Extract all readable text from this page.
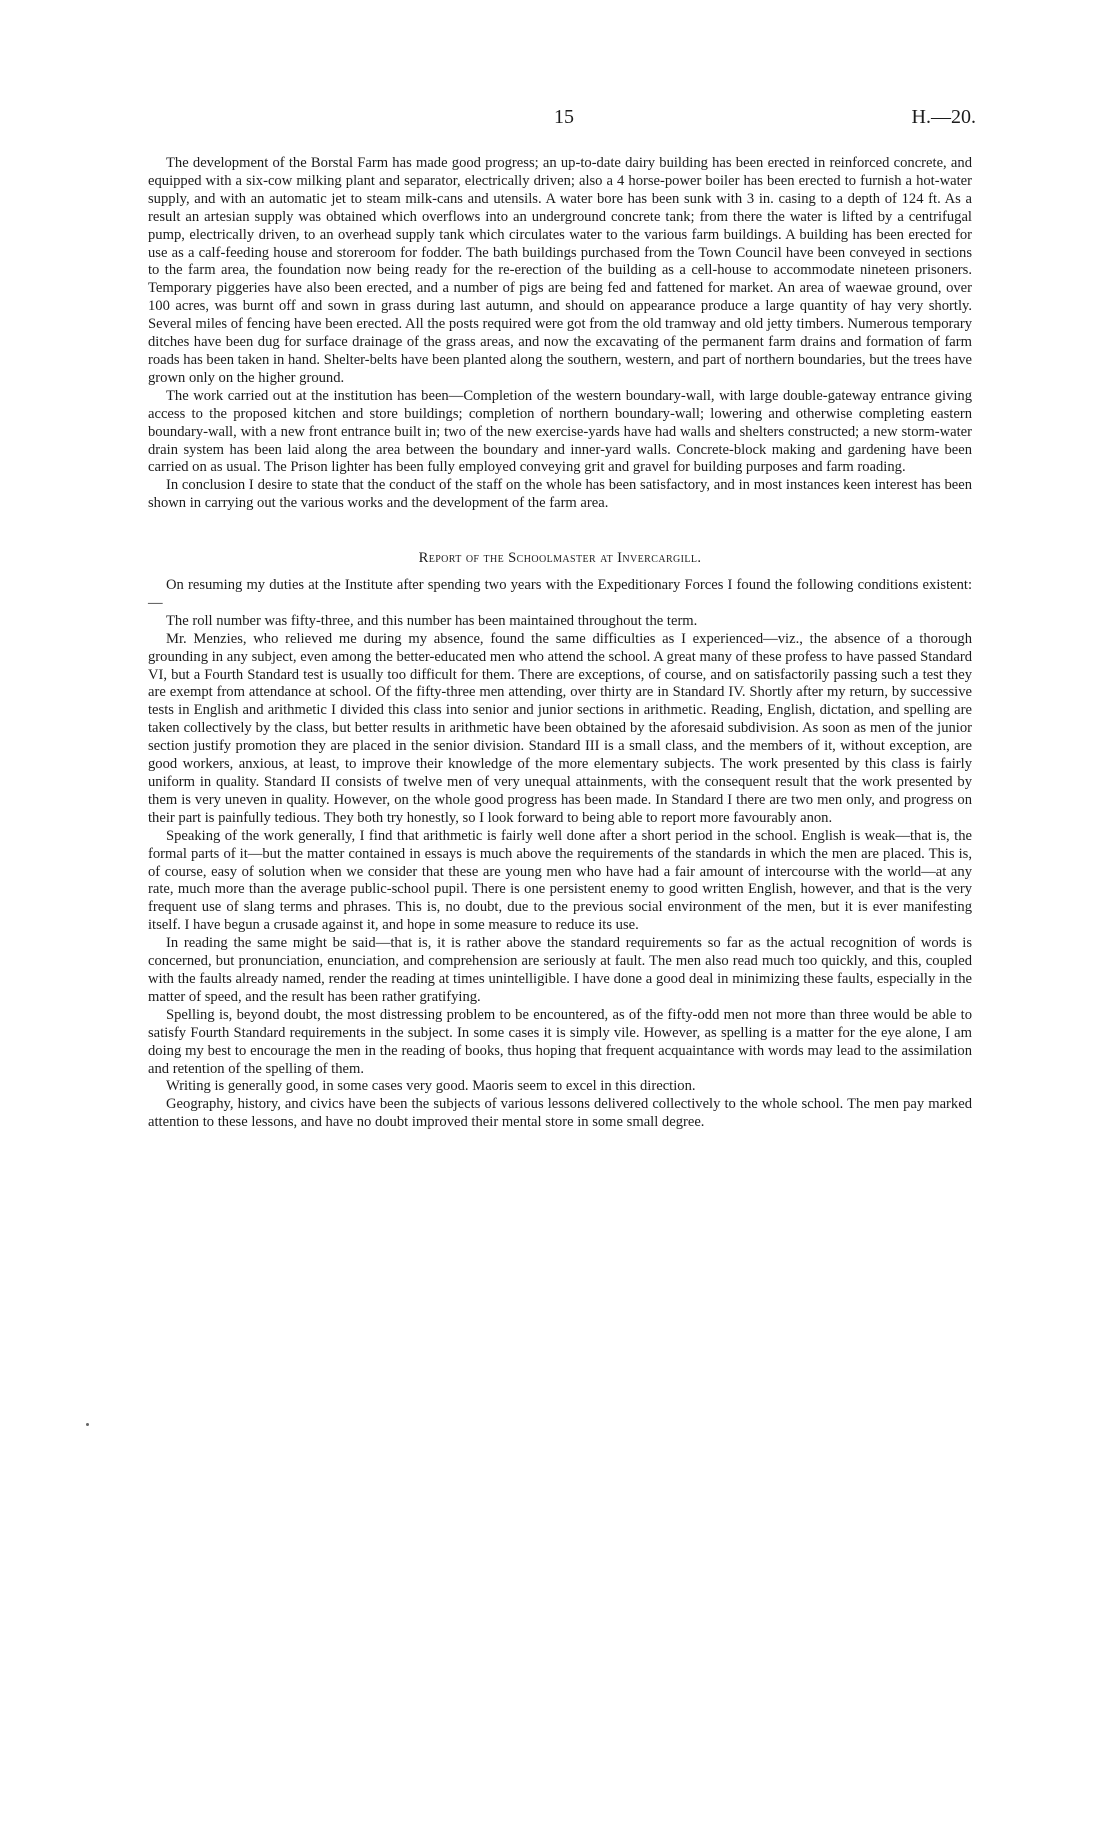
15	H.—20.

The development of the Borstal Farm has made good progress; an up-to-date dairy building has been erected in reinforced concrete, and equipped with a six-cow milking plant and separator, electrically driven; also a 4 horse-power boiler has been erected to furnish a hot-water supply, and with an automatic jet to steam milk-cans and utensils. A water bore has been sunk with 3 in. casing to a depth of 124 ft. As a result an artesian supply was obtained which overflows into an underground concrete tank; from there the water is lifted by a centrifugal pump, electrically driven, to an overhead supply tank which circulates water to the various farm buildings. A building has been erected for use as a calf-feeding house and storeroom for fodder. The bath buildings purchased from the Town Council have been conveyed in sections to the farm area, the foundation now being ready for the re-erection of the building as a cell-house to accommodate nineteen prisoners. Temporary piggeries have also been erected, and a number of pigs are being fed and fattened for market. An area of waewae ground, over 100 acres, was burnt off and sown in grass during last autumn, and should on appearance produce a large quantity of hay very shortly. Several miles of fencing have been erected. All the posts required were got from the old tramway and old jetty timbers. Numerous temporary ditches have been dug for surface drainage of the grass areas, and now the excavating of the permanent farm drains and formation of farm roads has been taken in hand. Shelter-belts have been planted along the southern, western, and part of northern boundaries, but the trees have grown only on the higher ground.

The work carried out at the institution has been—Completion of the western boundary-wall, with large double-gateway entrance giving access to the proposed kitchen and store buildings; completion of northern boundary-wall; lowering and otherwise completing eastern boundary-wall, with a new front entrance built in; two of the new exercise-yards have had walls and shelters constructed; a new storm-water drain system has been laid along the area between the boundary and inner-yard walls. Concrete-block making and gardening have been carried on as usual. The Prison lighter has been fully employed conveying grit and gravel for building purposes and farm roading.

In conclusion I desire to state that the conduct of the staff on the whole has been satisfactory, and in most instances keen interest has been shown in carrying out the various works and the development of the farm area.

Report of the Schoolmaster at Invercargill.

On resuming my duties at the Institute after spending two years with the Expeditionary Forces I found the following conditions existent:—

The roll number was fifty-three, and this number has been maintained throughout the term.

Mr. Menzies, who relieved me during my absence, found the same difficulties as I experienced—viz., the absence of a thorough grounding in any subject, even among the better-educated men who attend the school. A great many of these profess to have passed Standard VI, but a Fourth Standard test is usually too difficult for them. There are exceptions, of course, and on satisfactorily passing such a test they are exempt from attendance at school. Of the fifty-three men attending, over thirty are in Standard IV. Shortly after my return, by successive tests in English and arithmetic I divided this class into senior and junior sections in arithmetic. Reading, English, dictation, and spelling are taken collectively by the class, but better results in arithmetic have been obtained by the aforesaid subdivision. As soon as men of the junior section justify promotion they are placed in the senior division. Standard III is a small class, and the members of it, without exception, are good workers, anxious, at least, to improve their knowledge of the more elementary subjects. The work presented by this class is fairly uniform in quality. Standard II consists of twelve men of very unequal attainments, with the consequent result that the work presented by them is very uneven in quality. However, on the whole good progress has been made. In Standard I there are two men only, and progress on their part is painfully tedious. They both try honestly, so I look forward to being able to report more favourably anon.

Speaking of the work generally, I find that arithmetic is fairly well done after a short period in the school. English is weak—that is, the formal parts of it—but the matter contained in essays is much above the requirements of the standards in which the men are placed. This is, of course, easy of solution when we consider that these are young men who have had a fair amount of intercourse with the world—at any rate, much more than the average public-school pupil. There is one persistent enemy to good written English, however, and that is the very frequent use of slang terms and phrases. This is, no doubt, due to the previous social environment of the men, but it is ever manifesting itself. I have begun a crusade against it, and hope in some measure to reduce its use.

In reading the same might be said—that is, it is rather above the standard requirements so far as the actual recognition of words is concerned, but pronunciation, enunciation, and comprehension are seriously at fault. The men also read much too quickly, and this, coupled with the faults already named, render the reading at times unintelligible. I have done a good deal in minimizing these faults, especially in the matter of speed, and the result has been rather gratifying.

Spelling is, beyond doubt, the most distressing problem to be encountered, as of the fifty-odd men not more than three would be able to satisfy Fourth Standard requirements in the subject. In some cases it is simply vile. However, as spelling is a matter for the eye alone, I am doing my best to encourage the men in the reading of books, thus hoping that frequent acquaintance with words may lead to the assimilation and retention of the spelling of them.

Writing is generally good, in some cases very good. Maoris seem to excel in this direction.

Geography, history, and civics have been the subjects of various lessons delivered collectively to the whole school. The men pay marked attention to these lessons, and have no doubt improved their mental store in some small degree.
